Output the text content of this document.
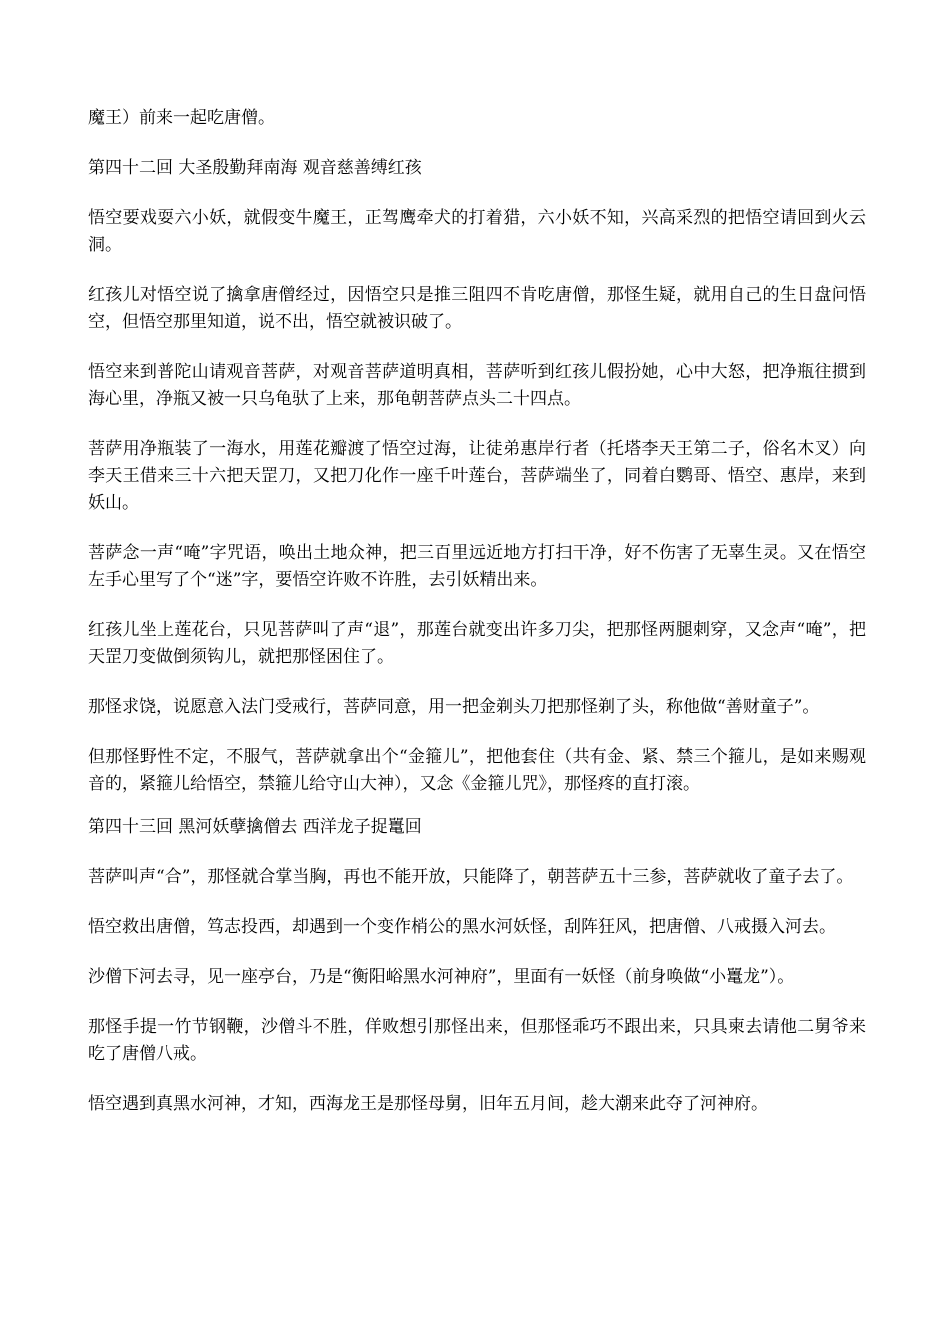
魔王）前来一起吃唐僧。

第四十二回 大圣殷勤拜南海 观音慈善缚红孩

悟空要戏耍六小妖，就假变牛魔王，正驾鹰牵犬的打着猎，六小妖不知，兴高采烈的把悟空请回到火云洞。

红孩儿对悟空说了擒拿唐僧经过，因悟空只是推三阻四不肯吃唐僧，那怪生疑，就用自己的生日盘问悟空，但悟空那里知道，说不出，悟空就被识破了。

悟空来到普陀山请观音菩萨，对观音菩萨道明真相，菩萨听到红孩儿假扮她，心中大怒，把净瓶往掼到海心里，净瓶又被一只乌龟驮了上来，那龟朝菩萨点头二十四点。

菩萨用净瓶装了一海水，用莲花瓣渡了悟空过海，让徒弟惠岸行者（托塔李天王第二子，俗名木叉）向李天王借来三十六把天罡刀，又把刀化作一座千叶莲台，菩萨端坐了，同着白鹦哥、悟空、惠岸，来到妖山。

菩萨念一声“唵”字咒语，唤出土地众神，把三百里远近地方打扫干净，好不伤害了无辜生灵。又在悟空左手心里写了个“迷”字，要悟空许败不许胜，去引妖精出来。

红孩儿坐上莲花台，只见菩萨叫了声“退”，那莲台就变出许多刀尖，把那怪两腿刺穿，又念声“唵”，把天罡刀变做倒须钩儿，就把那怪困住了。

那怪求饶，说愿意入法门受戒行，菩萨同意，用一把金剃头刀把那怪剃了头，称他做“善财童子”。

但那怪野性不定，不服气，菩萨就拿出个“金箍儿”，把他套住（共有金、紧、禁三个箍儿，是如来赐观音的，紧箍儿给悟空，禁箍儿给守山大神），又念《金箍儿咒》，那怪疼的直打滚。

第四十三回 黑河妖孽擒僧去 西洋龙子捉鼍回

菩萨叫声“合”，那怪就合掌当胸，再也不能开放，只能降了，朝菩萨五十三参，菩萨就收了童子去了。

悟空救出唐僧，笃志投西，却遇到一个变作梢公的黑水河妖怪，刮阵狂风，把唐僧、八戒摄入河去。

沙僧下河去寻，见一座亭台，乃是“衡阳峪黑水河神府”，里面有一妖怪（前身唤做“小鼍龙”）。

那怪手提一竹节钢鞭，沙僧斗不胜，佯败想引那怪出来，但那怪乖巧不跟出来，只具柬去请他二舅爷来吃了唐僧八戒。

悟空遇到真黑水河神，才知，西海龙王是那怪母舅，旧年五月间，趁大潮来此夺了河神府。
